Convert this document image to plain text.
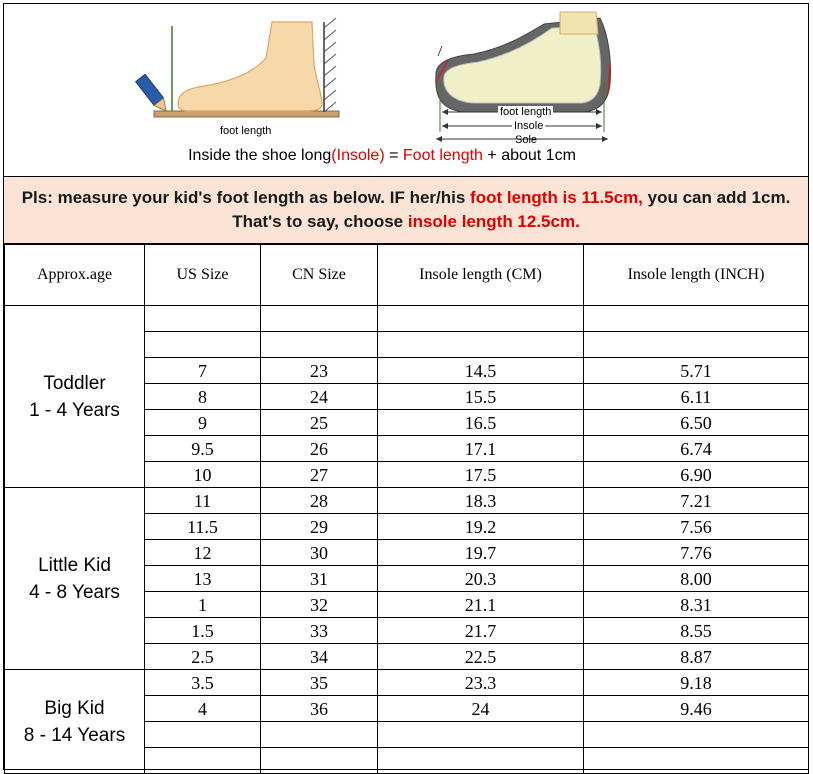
foot length
foot length
Insole
Sole
Inside the shoe long(Insole) = Foot length + about 1cm
Pls: measure your kid's foot length as below. IF her/his foot length is 11.5cm, you can add 1cm. That's to say, choose insole length 12.5cm.
Approx.age	US Size	CN Size	Insole length (CM)	Insole length (INCH)

Toddler
1 - 4 Years				

	7	23	14.5	5.71
	8	24	15.5	6.11
	9	25	16.5	6.50
	9.5	26	17.1	6.74
	10	27	17.5	6.90

Little Kid
4 - 8 Years	11	28	18.3	7.21
	11.5	29	19.2	7.56
	12	30	19.7	7.76
	13	31	20.3	8.00
	1	32	21.1	8.31
	1.5	33	21.7	8.55
	2.5	34	22.5	8.87

Big Kid
8 - 14 Years	3.5	35	23.3	9.18
	4	36	24	9.46
